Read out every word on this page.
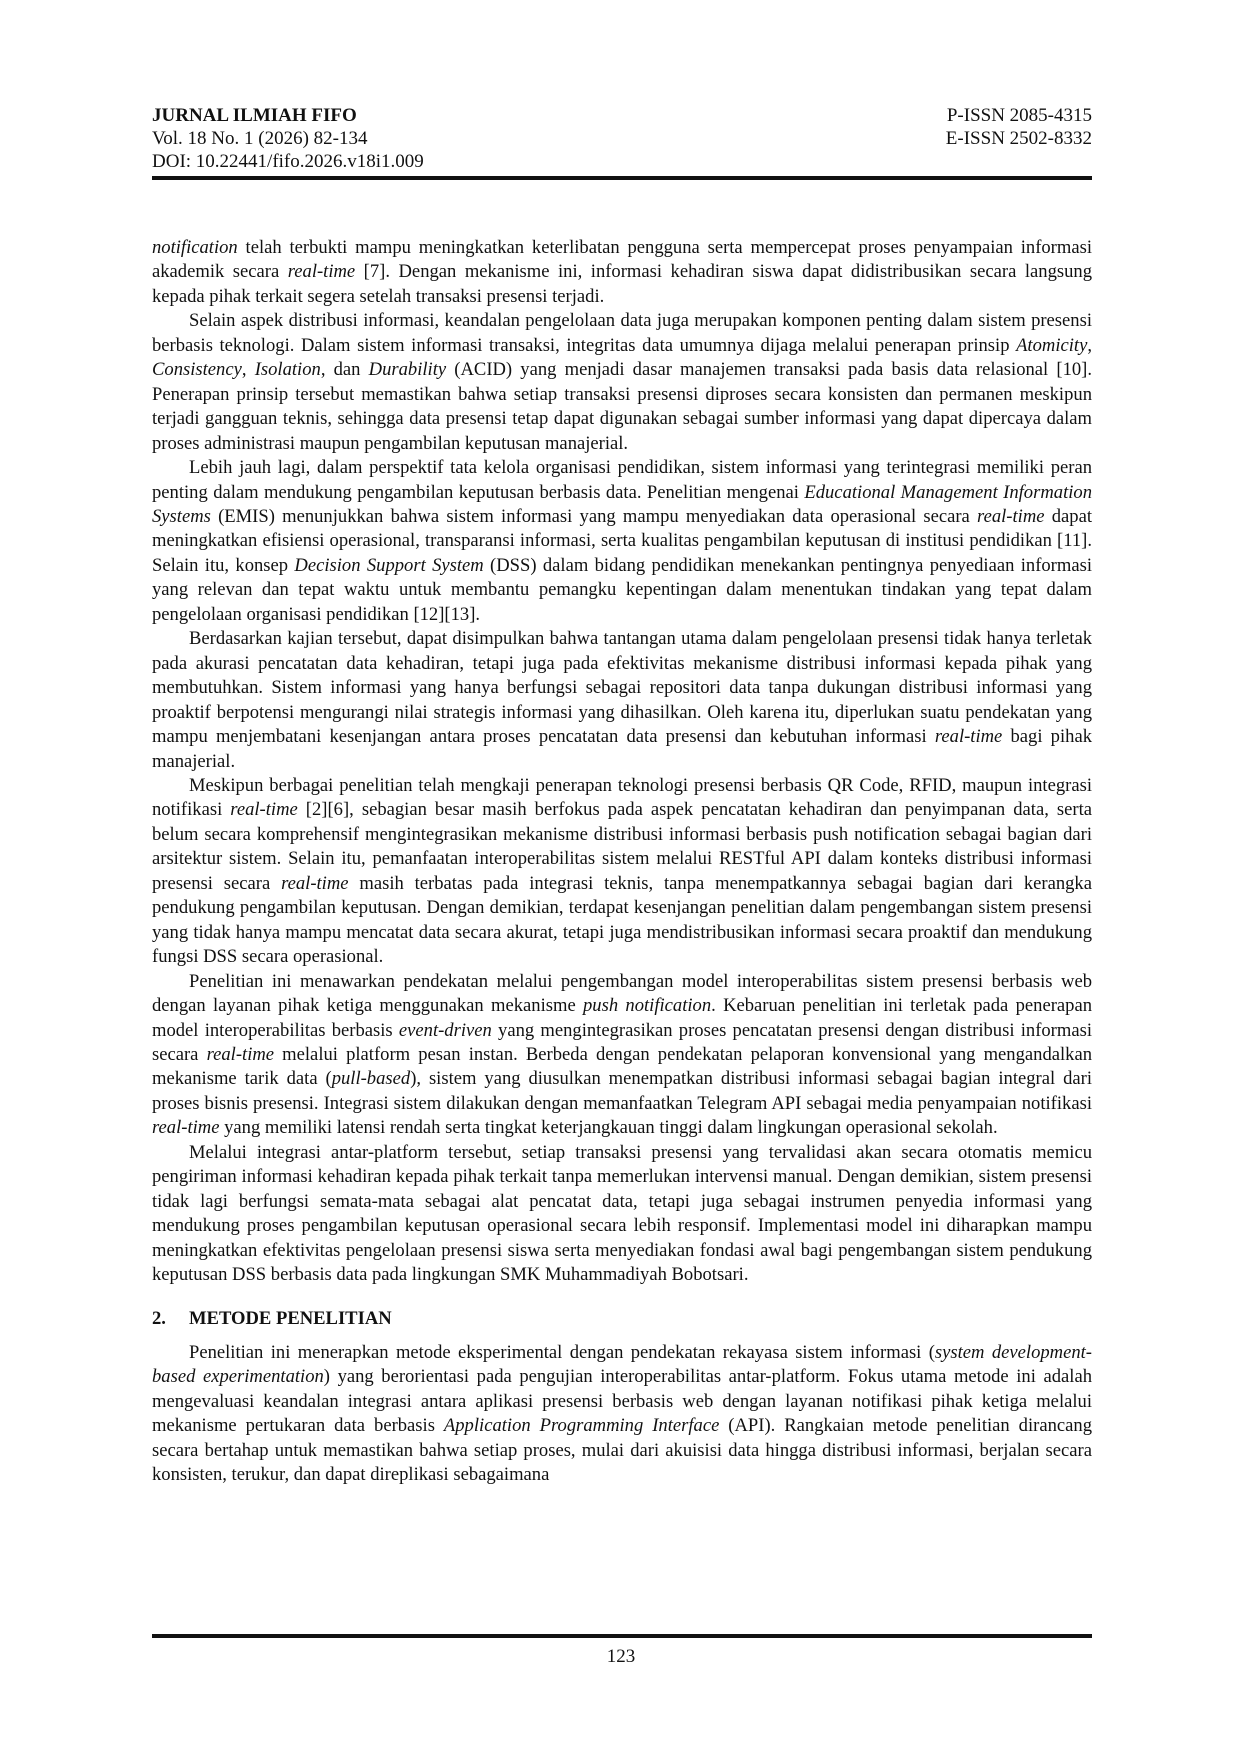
JURNAL ILMIAH FIFO	P-ISSN 2085-4315
Vol. 18 No. 1 (2026) 82-134	E-ISSN 2502-8332
DOI: 10.22441/fifo.2026.v18i1.009

notification telah terbukti mampu meningkatkan keterlibatan pengguna serta mempercepat proses penyampaian informasi akademik secara real-time [7]. Dengan mekanisme ini, informasi kehadiran siswa dapat didistribusikan secara langsung kepada pihak terkait segera setelah transaksi presensi terjadi.

Selain aspek distribusi informasi, keandalan pengelolaan data juga merupakan komponen penting dalam sistem presensi berbasis teknologi. Dalam sistem informasi transaksi, integritas data umumnya dijaga melalui penerapan prinsip Atomicity, Consistency, Isolation, dan Durability (ACID) yang menjadi dasar manajemen transaksi pada basis data relasional [10]. Penerapan prinsip tersebut memastikan bahwa setiap transaksi presensi diproses secara konsisten dan permanen meskipun terjadi gangguan teknis, sehingga data presensi tetap dapat digunakan sebagai sumber informasi yang dapat dipercaya dalam proses administrasi maupun pengambilan keputusan manajerial.

Lebih jauh lagi, dalam perspektif tata kelola organisasi pendidikan, sistem informasi yang terintegrasi memiliki peran penting dalam mendukung pengambilan keputusan berbasis data. Penelitian mengenai Educational Management Information Systems (EMIS) menunjukkan bahwa sistem informasi yang mampu menyediakan data operasional secara real-time dapat meningkatkan efisiensi operasional, transparansi informasi, serta kualitas pengambilan keputusan di institusi pendidikan [11]. Selain itu, konsep Decision Support System (DSS) dalam bidang pendidikan menekankan pentingnya penyediaan informasi yang relevan dan tepat waktu untuk membantu pemangku kepentingan dalam menentukan tindakan yang tepat dalam pengelolaan organisasi pendidikan [12][13].

Berdasarkan kajian tersebut, dapat disimpulkan bahwa tantangan utama dalam pengelolaan presensi tidak hanya terletak pada akurasi pencatatan data kehadiran, tetapi juga pada efektivitas mekanisme distribusi informasi kepada pihak yang membutuhkan. Sistem informasi yang hanya berfungsi sebagai repositori data tanpa dukungan distribusi informasi yang proaktif berpotensi mengurangi nilai strategis informasi yang dihasilkan. Oleh karena itu, diperlukan suatu pendekatan yang mampu menjembatani kesenjangan antara proses pencatatan data presensi dan kebutuhan informasi real-time bagi pihak manajerial.

Meskipun berbagai penelitian telah mengkaji penerapan teknologi presensi berbasis QR Code, RFID, maupun integrasi notifikasi real-time [2][6], sebagian besar masih berfokus pada aspek pencatatan kehadiran dan penyimpanan data, serta belum secara komprehensif mengintegrasikan mekanisme distribusi informasi berbasis push notification sebagai bagian dari arsitektur sistem. Selain itu, pemanfaatan interoperabilitas sistem melalui RESTful API dalam konteks distribusi informasi presensi secara real-time masih terbatas pada integrasi teknis, tanpa menempatkannya sebagai bagian dari kerangka pendukung pengambilan keputusan. Dengan demikian, terdapat kesenjangan penelitian dalam pengembangan sistem presensi yang tidak hanya mampu mencatat data secara akurat, tetapi juga mendistribusikan informasi secara proaktif dan mendukung fungsi DSS secara operasional.

Penelitian ini menawarkan pendekatan melalui pengembangan model interoperabilitas sistem presensi berbasis web dengan layanan pihak ketiga menggunakan mekanisme push notification. Kebaruan penelitian ini terletak pada penerapan model interoperabilitas berbasis event-driven yang mengintegrasikan proses pencatatan presensi dengan distribusi informasi secara real-time melalui platform pesan instan. Berbeda dengan pendekatan pelaporan konvensional yang mengandalkan mekanisme tarik data (pull-based), sistem yang diusulkan menempatkan distribusi informasi sebagai bagian integral dari proses bisnis presensi. Integrasi sistem dilakukan dengan memanfaatkan Telegram API sebagai media penyampaian notifikasi real-time yang memiliki latensi rendah serta tingkat keterjangkauan tinggi dalam lingkungan operasional sekolah.

Melalui integrasi antar-platform tersebut, setiap transaksi presensi yang tervalidasi akan secara otomatis memicu pengiriman informasi kehadiran kepada pihak terkait tanpa memerlukan intervensi manual. Dengan demikian, sistem presensi tidak lagi berfungsi semata-mata sebagai alat pencatat data, tetapi juga sebagai instrumen penyedia informasi yang mendukung proses pengambilan keputusan operasional secara lebih responsif. Implementasi model ini diharapkan mampu meningkatkan efektivitas pengelolaan presensi siswa serta menyediakan fondasi awal bagi pengembangan sistem pendukung keputusan DSS berbasis data pada lingkungan SMK Muhammadiyah Bobotsari.

2. METODE PENELITIAN

Penelitian ini menerapkan metode eksperimental dengan pendekatan rekayasa sistem informasi (system development-based experimentation) yang berorientasi pada pengujian interoperabilitas antar-platform. Fokus utama metode ini adalah mengevaluasi keandalan integrasi antara aplikasi presensi berbasis web dengan layanan notifikasi pihak ketiga melalui mekanisme pertukaran data berbasis Application Programming Interface (API). Rangkaian metode penelitian dirancang secara bertahap untuk memastikan bahwa setiap proses, mulai dari akuisisi data hingga distribusi informasi, berjalan secara konsisten, terukur, dan dapat direplikasi sebagaimana

123
